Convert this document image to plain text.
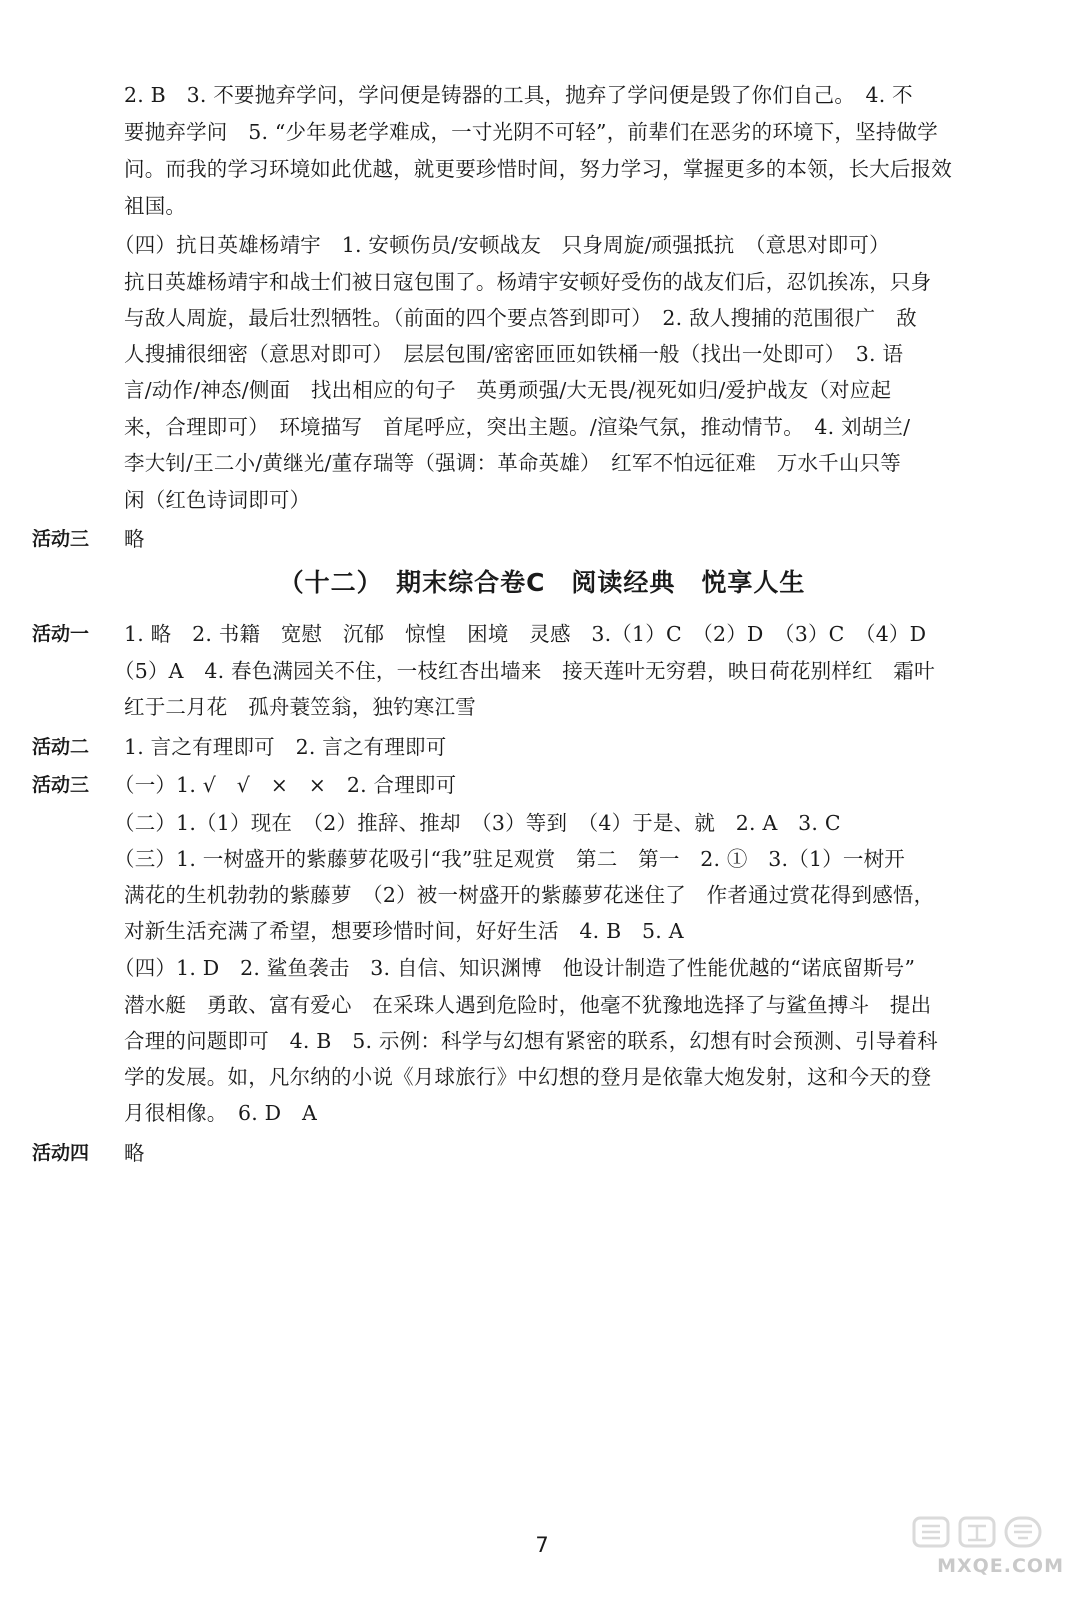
2. B　3. 不要抛弃学问，学问便是铸器的工具，抛弃了学问便是毁了你们自己。　4. 不
要抛弃学问　5. “少年易老学难成，一寸光阴不可轻”，前辈们在恶劣的环境下，坚持做学
问。而我的学习环境如此优越，就更要珍惜时间，努力学习，掌握更多的本领，长大后报效
祖国。
（四）抗日英雄杨靖宇　1. 安顿伤员/安顿战友　只身周旋/顽强抵抗　（意思对即可）
抗日英雄杨靖宇和战士们被日寇包围了。杨靖宇安顿好受伤的战友们后，忍饥挨冻，只身
与敌人周旋，最后壮烈牺牲。（前面的四个要点答到即可）　2. 敌人搜捕的范围很广　敌
人搜捕很细密（意思对即可）　层层包围/密密匝匝如铁桶一般（找出一处即可）　3. 语
言/动作/神态/侧面　找出相应的句子　英勇顽强/大无畏/视死如归/爱护战友（对应起
来，合理即可）　环境描写　首尾呼应，突出主题。/渲染气氛，推动情节。　4. 刘胡兰/
李大钊/王二小/黄继光/董存瑞等（强调：革命英雄）　红军不怕远征难　万水千山只等
闲（红色诗词即可）
活动三 略
（十二）　期末综合卷C　阅读经典　悦享人生
活动一 1. 略　2. 书籍　宽慰　沉郁　惊惶　困境　灵感　3.（1）C　（2）D　（3）C　（4）D
（5）A　4. 春色满园关不住，一枝红杏出墙来　接天莲叶无穷碧，映日荷花别样红　霜叶
红于二月花　孤舟蓑笠翁，独钓寒江雪
活动二 1. 言之有理即可　2. 言之有理即可
活动三 （一）1. √　√　×　×　2. 合理即可
（二）1.（1）现在　（2）推辞、推却　（3）等到　（4）于是、就　2. A　3. C
（三）1. 一树盛开的紫藤萝花吸引“我”驻足观赏　第二　第一　2. ①　3.（1）一树开
满花的生机勃勃的紫藤萝　（2）被一树盛开的紫藤萝花迷住了　作者通过赏花得到感悟，
对新生活充满了希望，想要珍惜时间，好好生活　4. B　5. A
（四）1. D　2. 鲨鱼袭击　3. 自信、知识渊博　他设计制造了性能优越的“诺底留斯号”
潜水艇　勇敢、富有爱心　在采珠人遇到危险时，他毫不犹豫地选择了与鲨鱼搏斗　提出
合理的问题即可　4. B　5. 示例：科学与幻想有紧密的联系，幻想有时会预测、引导着科
学的发展。如，凡尔纳的小说《月球旅行》中幻想的登月是依靠大炮发射，这和今天的登
月很相像。　6. D　A
活动四 略
7
MXQE.COM
